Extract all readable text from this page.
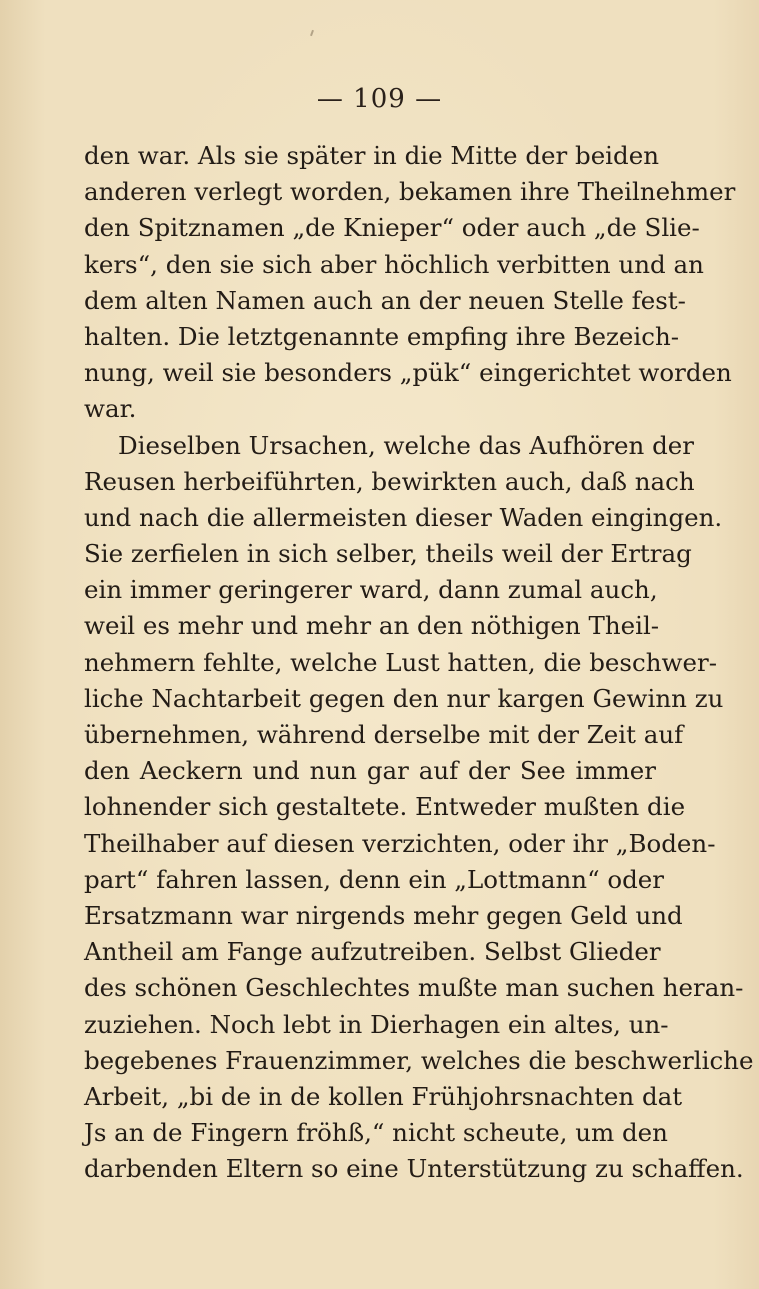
— 109 —
den war. Als sie später in die Mitte der beiden
anderen verlegt worden, bekamen ihre Theilnehmer
den Spitznamen „de Knieper“ oder auch „de Slie-
kers“, den sie sich aber höchlich verbitten und an
dem alten Namen auch an der neuen Stelle fest-
halten. Die letztgenannte empfing ihre Bezeich-
nung, weil sie besonders „pük“ eingerichtet worden
war.
Dieselben Ursachen, welche das Aufhören der
Reusen herbeiführten, bewirkten auch, daß nach
und nach die allermeisten dieser Waden eingingen.
Sie zerfielen in sich selber, theils weil der Ertrag
ein immer geringerer ward, dann zumal auch,
weil es mehr und mehr an den nöthigen Theil-
nehmern fehlte, welche Lust hatten, die beschwer-
liche Nachtarbeit gegen den nur kargen Gewinn zu
übernehmen, während derselbe mit der Zeit auf
den Aeckern und nun gar auf der See immer
lohnender sich gestaltete. Entweder mußten die
Theilhaber auf diesen verzichten, oder ihr „Boden-
part“ fahren lassen, denn ein „Lottmann“ oder
Ersatzmann war nirgends mehr gegen Geld und
Antheil am Fange aufzutreiben. Selbst Glieder
des schönen Geschlechtes mußte man suchen heran-
zuziehen. Noch lebt in Dierhagen ein altes, un-
begebenes Frauenzimmer, welches die beschwerliche
Arbeit, „bi de in de kollen Frühjohrsnachten dat
Js an de Fingern fröhß,“ nicht scheute, um den
darbenden Eltern so eine Unterstützung zu schaffen.
